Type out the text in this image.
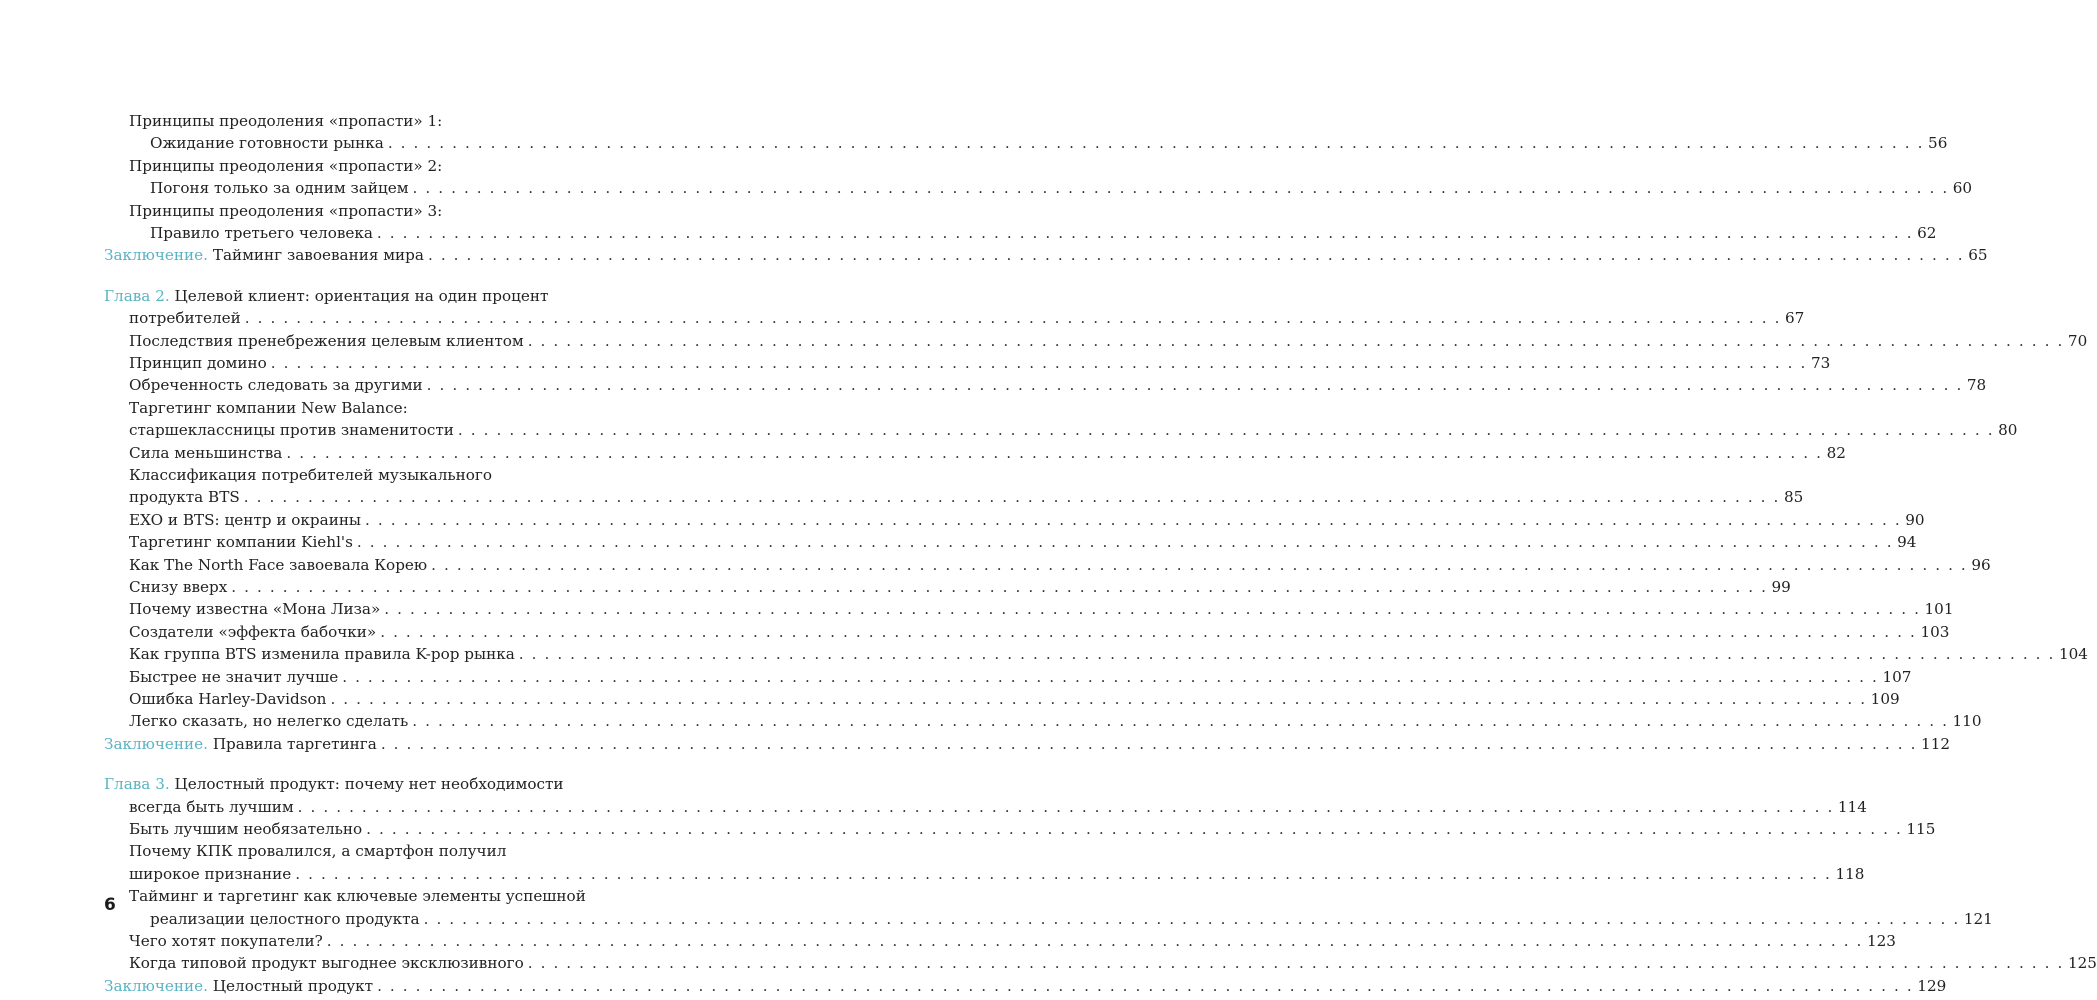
Принципы преодоления «пропасти» 1:
Ожидание готовности рынка . . . . . . . . . . . . . . . . . . . . . . . . . . . . . . . . . . . . . . . . . . . . . . . . . . . . . . . . . . . . . . . . . . . . . . . . . . . . . . . . . . . . . . . . . . . . . . . . . . . . . . . . . . . . . . . . . . . . . . . . 56
Принципы преодоления «пропасти» 2:
Погоня только за одним зайцем . . . . . . . . . . . . . . . . . . . . . . . . . . . . . . . . . . . . . . . . . . . . . . . . . . . . . . . . . . . . . . . . . . . . . . . . . . . . . . . . . . . . . . . . . . . . . . . . . . . . . . . . . . . . . . . . . . . . . . . . 60
Принципы преодоления «пропасти» 3:
Правило третьего человека . . . . . . . . . . . . . . . . . . . . . . . . . . . . . . . . . . . . . . . . . . . . . . . . . . . . . . . . . . . . . . . . . . . . . . . . . . . . . . . . . . . . . . . . . . . . . . . . . . . . . . . . . . . . . . . . . . . . . . . . 62
Заключение.
Тайминг завоевания мира . . . . . . . . . . . . . . . . . . . . . . . . . . . . . . . . . . . . . . . . . . . . . . . . . . . . . . . . . . . . . . . . . . . . . . . . . . . . . . . . . . . . . . . . . . . . . . . . . . . . . . . . . . . . . . . . . . . . . . . . 65
Глава 2. Целевой клиент: ориентация на один процент
потребителей . . . . . . . . . . . . . . . . . . . . . . . . . . . . . . . . . . . . . . . . . . . . . . . . . . . . . . . . . . . . . . . . . . . . . . . . . . . . . . . . . . . . . . . . . . . . . . . . . . . . . . . . . . . . . . . . . . . . . . . . 67
Последствия пренебрежения целевым клиентом . . . . . . . . . . . . . . . . . . . . . . . . . . . . . . . . . . . . . . . . . . . . . . . . . . . . . . . . . . . . . . . . . . . . . . . . . . . . . . . . . . . . . . . . . . . . . . . . . . . . . . . . . . . . . . . . . . . . . . . . 70
Принцип домино . . . . . . . . . . . . . . . . . . . . . . . . . . . . . . . . . . . . . . . . . . . . . . . . . . . . . . . . . . . . . . . . . . . . . . . . . . . . . . . . . . . . . . . . . . . . . . . . . . . . . . . . . . . . . . . . . . . . . . . . 73
Обреченность следовать за другими . . . . . . . . . . . . . . . . . . . . . . . . . . . . . . . . . . . . . . . . . . . . . . . . . . . . . . . . . . . . . . . . . . . . . . . . . . . . . . . . . . . . . . . . . . . . . . . . . . . . . . . . . . . . . . . . . . . . . . . . 78
Таргетинг компании New Balance:
старшеклассницы против знаменитости . . . . . . . . . . . . . . . . . . . . . . . . . . . . . . . . . . . . . . . . . . . . . . . . . . . . . . . . . . . . . . . . . . . . . . . . . . . . . . . . . . . . . . . . . . . . . . . . . . . . . . . . . . . . . . . . . . . . . . . . 80
Сила меньшинства . . . . . . . . . . . . . . . . . . . . . . . . . . . . . . . . . . . . . . . . . . . . . . . . . . . . . . . . . . . . . . . . . . . . . . . . . . . . . . . . . . . . . . . . . . . . . . . . . . . . . . . . . . . . . . . . . . . . . . . . 82
Классификация потребителей музыкального
продукта BTS . . . . . . . . . . . . . . . . . . . . . . . . . . . . . . . . . . . . . . . . . . . . . . . . . . . . . . . . . . . . . . . . . . . . . . . . . . . . . . . . . . . . . . . . . . . . . . . . . . . . . . . . . . . . . . . . . . . . . . . . 85
EXO и BTS: центр и окраины . . . . . . . . . . . . . . . . . . . . . . . . . . . . . . . . . . . . . . . . . . . . . . . . . . . . . . . . . . . . . . . . . . . . . . . . . . . . . . . . . . . . . . . . . . . . . . . . . . . . . . . . . . . . . . . . . . . . . . . . 90
Таргетинг компании Kiehl's . . . . . . . . . . . . . . . . . . . . . . . . . . . . . . . . . . . . . . . . . . . . . . . . . . . . . . . . . . . . . . . . . . . . . . . . . . . . . . . . . . . . . . . . . . . . . . . . . . . . . . . . . . . . . . . . . . . . . . . . 94
Как The North Face завоевала Корею . . . . . . . . . . . . . . . . . . . . . . . . . . . . . . . . . . . . . . . . . . . . . . . . . . . . . . . . . . . . . . . . . . . . . . . . . . . . . . . . . . . . . . . . . . . . . . . . . . . . . . . . . . . . . . . . . . . . . . . . 96
Снизу вверх . . . . . . . . . . . . . . . . . . . . . . . . . . . . . . . . . . . . . . . . . . . . . . . . . . . . . . . . . . . . . . . . . . . . . . . . . . . . . . . . . . . . . . . . . . . . . . . . . . . . . . . . . . . . . . . . . . . . . . . . 99
Почему известна «Мона Лиза» . . . . . . . . . . . . . . . . . . . . . . . . . . . . . . . . . . . . . . . . . . . . . . . . . . . . . . . . . . . . . . . . . . . . . . . . . . . . . . . . . . . . . . . . . . . . . . . . . . . . . . . . . . . . . . . . . . . . . . . . 101
Создатели «эффекта бабочки» . . . . . . . . . . . . . . . . . . . . . . . . . . . . . . . . . . . . . . . . . . . . . . . . . . . . . . . . . . . . . . . . . . . . . . . . . . . . . . . . . . . . . . . . . . . . . . . . . . . . . . . . . . . . . . . . . . . . . . . . 103
Как группа BTS изменила правила K-pop рынка . . . . . . . . . . . . . . . . . . . . . . . . . . . . . . . . . . . . . . . . . . . . . . . . . . . . . . . . . . . . . . . . . . . . . . . . . . . . . . . . . . . . . . . . . . . . . . . . . . . . . . . . . . . . . . . . . . . . . . . . 104
Быстрее не значит лучше . . . . . . . . . . . . . . . . . . . . . . . . . . . . . . . . . . . . . . . . . . . . . . . . . . . . . . . . . . . . . . . . . . . . . . . . . . . . . . . . . . . . . . . . . . . . . . . . . . . . . . . . . . . . . . . . . . . . . . . . 107
Ошибка Harley-Davidson . . . . . . . . . . . . . . . . . . . . . . . . . . . . . . . . . . . . . . . . . . . . . . . . . . . . . . . . . . . . . . . . . . . . . . . . . . . . . . . . . . . . . . . . . . . . . . . . . . . . . . . . . . . . . . . . . . . . . . . . 109
Легко сказать, но нелегко сделать . . . . . . . . . . . . . . . . . . . . . . . . . . . . . . . . . . . . . . . . . . . . . . . . . . . . . . . . . . . . . . . . . . . . . . . . . . . . . . . . . . . . . . . . . . . . . . . . . . . . . . . . . . . . . . . . . . . . . . . . 110
Заключение.
Правила таргетинга . . . . . . . . . . . . . . . . . . . . . . . . . . . . . . . . . . . . . . . . . . . . . . . . . . . . . . . . . . . . . . . . . . . . . . . . . . . . . . . . . . . . . . . . . . . . . . . . . . . . . . . . . . . . . . . . . . . . . . . . 112
Глава 3. Целостный продукт: почему нет необходимости
всегда быть лучшим . . . . . . . . . . . . . . . . . . . . . . . . . . . . . . . . . . . . . . . . . . . . . . . . . . . . . . . . . . . . . . . . . . . . . . . . . . . . . . . . . . . . . . . . . . . . . . . . . . . . . . . . . . . . . . . . . . . . . . . . 114
Быть лучшим необязательно . . . . . . . . . . . . . . . . . . . . . . . . . . . . . . . . . . . . . . . . . . . . . . . . . . . . . . . . . . . . . . . . . . . . . . . . . . . . . . . . . . . . . . . . . . . . . . . . . . . . . . . . . . . . . . . . . . . . . . . . 115
Почему КПК провалился, а смартфон получил
широкое признание . . . . . . . . . . . . . . . . . . . . . . . . . . . . . . . . . . . . . . . . . . . . . . . . . . . . . . . . . . . . . . . . . . . . . . . . . . . . . . . . . . . . . . . . . . . . . . . . . . . . . . . . . . . . . . . . . . . . . . . . 118
Тайминг и таргетинг как ключевые элементы успешной
реализации целостного продукта . . . . . . . . . . . . . . . . . . . . . . . . . . . . . . . . . . . . . . . . . . . . . . . . . . . . . . . . . . . . . . . . . . . . . . . . . . . . . . . . . . . . . . . . . . . . . . . . . . . . . . . . . . . . . . . . . . . . . . . . 121
Чего хотят покупатели? . . . . . . . . . . . . . . . . . . . . . . . . . . . . . . . . . . . . . . . . . . . . . . . . . . . . . . . . . . . . . . . . . . . . . . . . . . . . . . . . . . . . . . . . . . . . . . . . . . . . . . . . . . . . . . . . . . . . . . . . 123
Когда типовой продукт выгоднее эксклюзивного . . . . . . . . . . . . . . . . . . . . . . . . . . . . . . . . . . . . . . . . . . . . . . . . . . . . . . . . . . . . . . . . . . . . . . . . . . . . . . . . . . . . . . . . . . . . . . . . . . . . . . . . . . . . . . . . . . . . . . . . 125
Заключение.
Целостный продукт . . . . . . . . . . . . . . . . . . . . . . . . . . . . . . . . . . . . . . . . . . . . . . . . . . . . . . . . . . . . . . . . . . . . . . . . . . . . . . . . . . . . . . . . . . . . . . . . . . . . . . . . . . . . . . . . . . . . . . . . 129
6
